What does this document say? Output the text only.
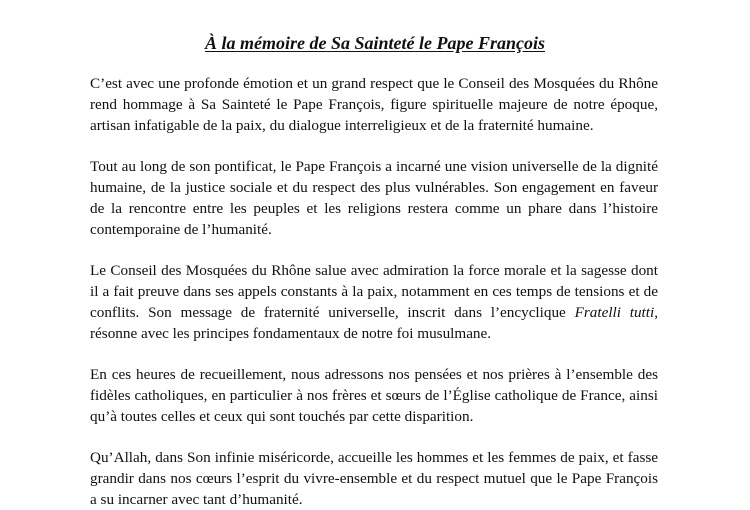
À la mémoire de Sa Sainteté le Pape François

C’est avec une profonde émotion et un grand respect que le Conseil des Mosquées du Rhône rend hommage à Sa Sainteté le Pape François, figure spirituelle majeure de notre époque, artisan infatigable de la paix, du dialogue interreligieux et de la fraternité humaine.

Tout au long de son pontificat, le Pape François a incarné une vision universelle de la dignité humaine, de la justice sociale et du respect des plus vulnérables. Son engagement en faveur de la rencontre entre les peuples et les religions restera comme un phare dans l’histoire contemporaine de l’humanité.

Le Conseil des Mosquées du Rhône salue avec admiration la force morale et la sagesse dont il a fait preuve dans ses appels constants à la paix, notamment en ces temps de tensions et de conflits. Son message de fraternité universelle, inscrit dans l’encyclique Fratelli tutti, résonne avec les principes fondamentaux de notre foi musulmane.

En ces heures de recueillement, nous adressons nos pensées et nos prières à l’ensemble des fidèles catholiques, en particulier à nos frères et sœurs de l’Église catholique de France, ainsi qu’à toutes celles et ceux qui sont touchés par cette disparition.

Qu’Allah, dans Son infinie miséricorde, accueille les hommes et les femmes de paix, et fasse grandir dans nos cœurs l’esprit du vivre-ensemble et du respect mutuel que le Pape François a su incarner avec tant d’humanité.
